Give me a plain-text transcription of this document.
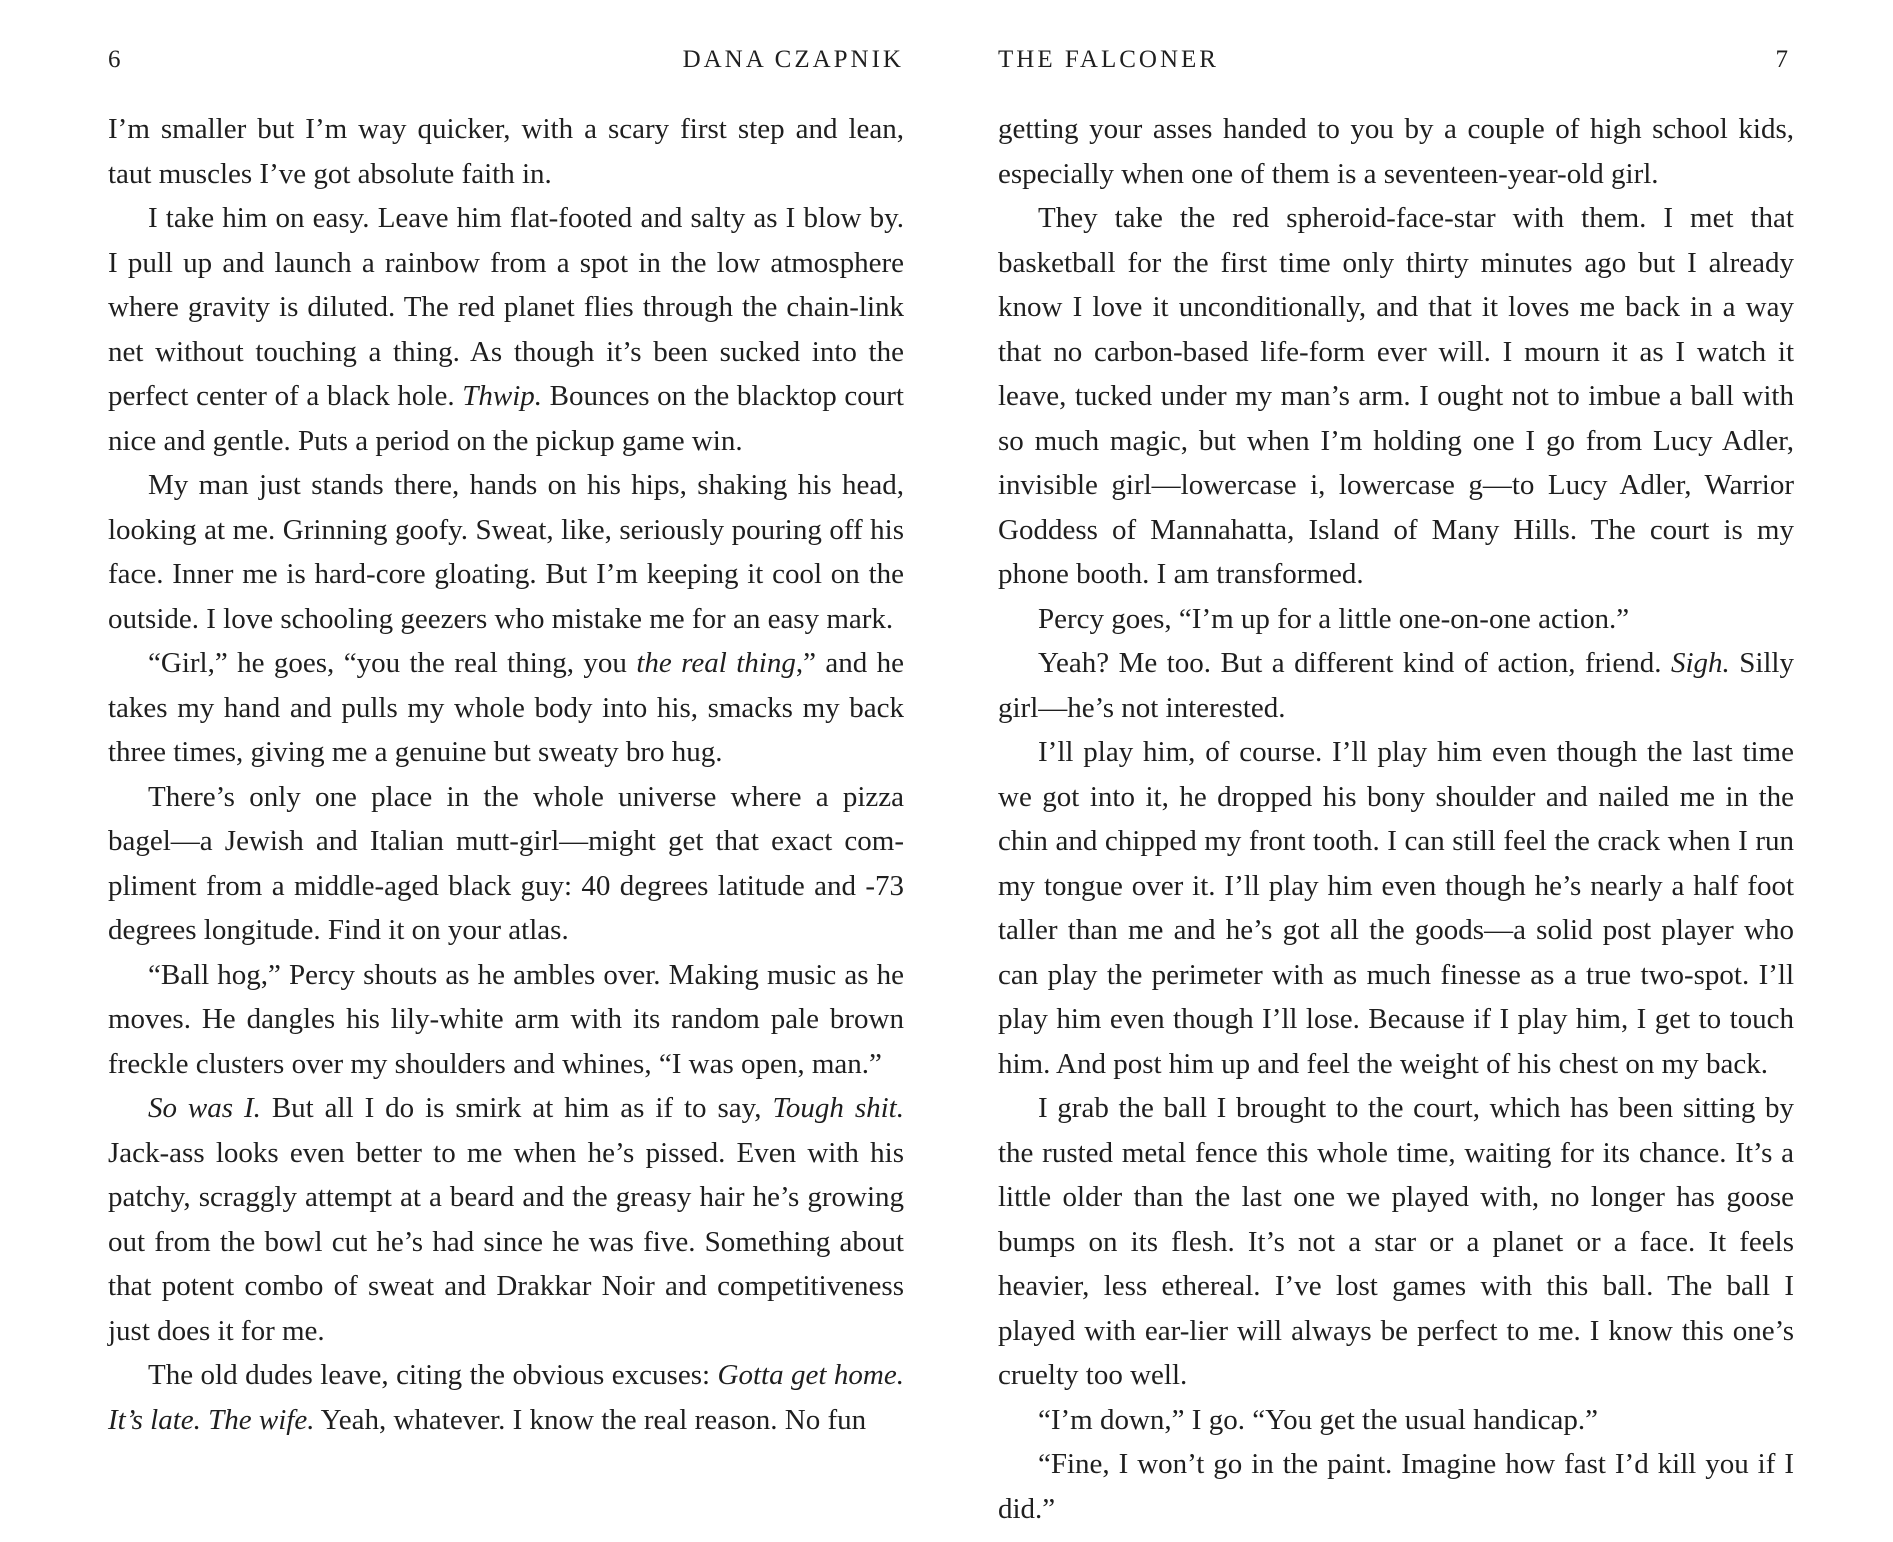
6	DANA CZAPNIK

I’m smaller but I’m way quicker, with a scary first step and lean, taut muscles I’ve got absolute faith in.

I take him on easy. Leave him flat-footed and salty as I blow by. I pull up and launch a rainbow from a spot in the low atmosphere where gravity is diluted. The red planet flies through the chain-link net without touching a thing. As though it’s been sucked into the perfect center of a black hole. Thwip. Bounces on the blacktop court nice and gentle. Puts a period on the pickup game win.

My man just stands there, hands on his hips, shaking his head, looking at me. Grinning goofy. Sweat, like, seriously pouring off his face. Inner me is hard-core gloating. But I’m keeping it cool on the outside. I love schooling geezers who mistake me for an easy mark.

“Girl,” he goes, “you the real thing, you the real thing,” and he takes my hand and pulls my whole body into his, smacks my back three times, giving me a genuine but sweaty bro hug.

There’s only one place in the whole universe where a pizza bagel—a Jewish and Italian mutt-girl—might get that exact com-pliment from a middle-aged black guy: 40 degrees latitude and -73 degrees longitude. Find it on your atlas.

“Ball hog,” Percy shouts as he ambles over. Making music as he moves. He dangles his lily-white arm with its random pale brown freckle clusters over my shoulders and whines, “I was open, man.”

So was I. But all I do is smirk at him as if to say, Tough shit. Jack-ass looks even better to me when he’s pissed. Even with his patchy, scraggly attempt at a beard and the greasy hair he’s growing out from the bowl cut he’s had since he was five. Something about that potent combo of sweat and Drakkar Noir and competitiveness just does it for me.

The old dudes leave, citing the obvious excuses: Gotta get home. It’s late. The wife. Yeah, whatever. I know the real reason. No fun

THE FALCONER	7

getting your asses handed to you by a couple of high school kids, especially when one of them is a seventeen-year-old girl.

They take the red spheroid-face-star with them. I met that basketball for the first time only thirty minutes ago but I already know I love it unconditionally, and that it loves me back in a way that no carbon-based life-form ever will. I mourn it as I watch it leave, tucked under my man’s arm. I ought not to imbue a ball with so much magic, but when I’m holding one I go from Lucy Adler, invisible girl—lowercase i, lowercase g—to Lucy Adler, Warrior Goddess of Mannahatta, Island of Many Hills. The court is my phone booth. I am transformed.

Percy goes, “I’m up for a little one-on-one action.”

Yeah? Me too. But a different kind of action, friend. Sigh. Silly girl—he’s not interested.

I’ll play him, of course. I’ll play him even though the last time we got into it, he dropped his bony shoulder and nailed me in the chin and chipped my front tooth. I can still feel the crack when I run my tongue over it. I’ll play him even though he’s nearly a half foot taller than me and he’s got all the goods—a solid post player who can play the perimeter with as much finesse as a true two-spot. I’ll play him even though I’ll lose. Because if I play him, I get to touch him. And post him up and feel the weight of his chest on my back.

I grab the ball I brought to the court, which has been sitting by the rusted metal fence this whole time, waiting for its chance. It’s a little older than the last one we played with, no longer has goose bumps on its flesh. It’s not a star or a planet or a face. It feels heavier, less ethereal. I’ve lost games with this ball. The ball I played with ear-lier will always be perfect to me. I know this one’s cruelty too well.

“I’m down,” I go. “You get the usual handicap.”

“Fine, I won’t go in the paint. Imagine how fast I’d kill you if I did.”
